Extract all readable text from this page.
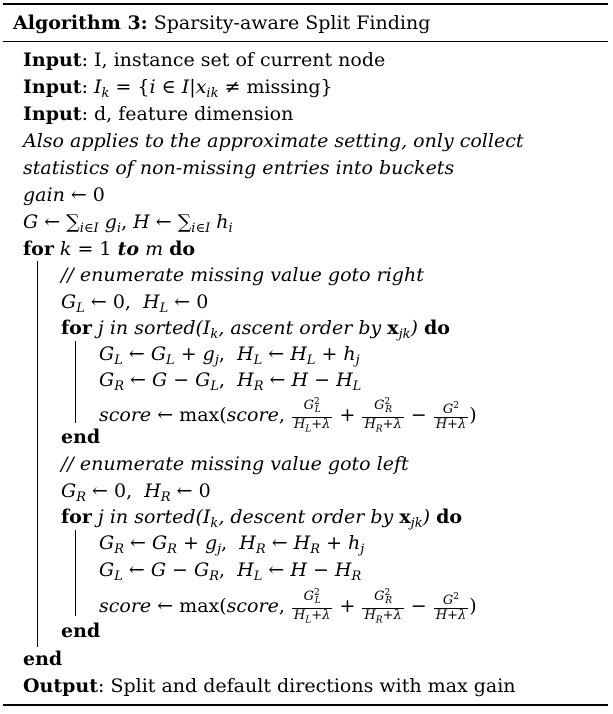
Algorithm 3: Sparsity-aware Split Finding
Input: I, instance set of current node
Input: $I_k = \{i$ ∈ $I|x_{ik} \ne missing$}
Input: d, feature dimension
Also applies to the approximate setting, only collect
statistics of non-missing entries into buckets
gain ← 0
G ← $\sum_{i\in I}$ $g_i$, H ← $\sum_{i\in I}$ $h_i$
for k = 1 to m do
// enumerate missing value goto right
$G_L$ ← 0,  $H_L$ ← 0
for j in $sorted(I_k$, ascent order by $x_{jk}$) do
$G_L$ ← $G_L + g_j$,  $H_L$ ← $H_L + h_j$
$G_R$ ← $G - G_L$,  $H_R$ ← $H - H_L$
score ← max(score, $\frac{G^2_L}{H_L+\lambda} + \frac{G^2_R}{H_R+\lambda} - \frac{G^2}{H+\lambda}$ )
end
// enumerate missing value goto left
$G_R$ ← 0,  $H_R$ ← 0
for j in $sorted(I_k$, descent order by $x_{jk}$) do
$G_R$ ← $G_R + g_j$,  $H_R$ ← $H_R + h_j$
$G_L$ ← $G - G_R$,  $H_L$ ← $H - H_R$
score ← max(score, $\frac{G^2_L}{H_L+\lambda} + \frac{G^2_R}{H_R+\lambda} - \frac{G^2}{H+\lambda}$ )
end
end
Output: Split and default directions with max gain
